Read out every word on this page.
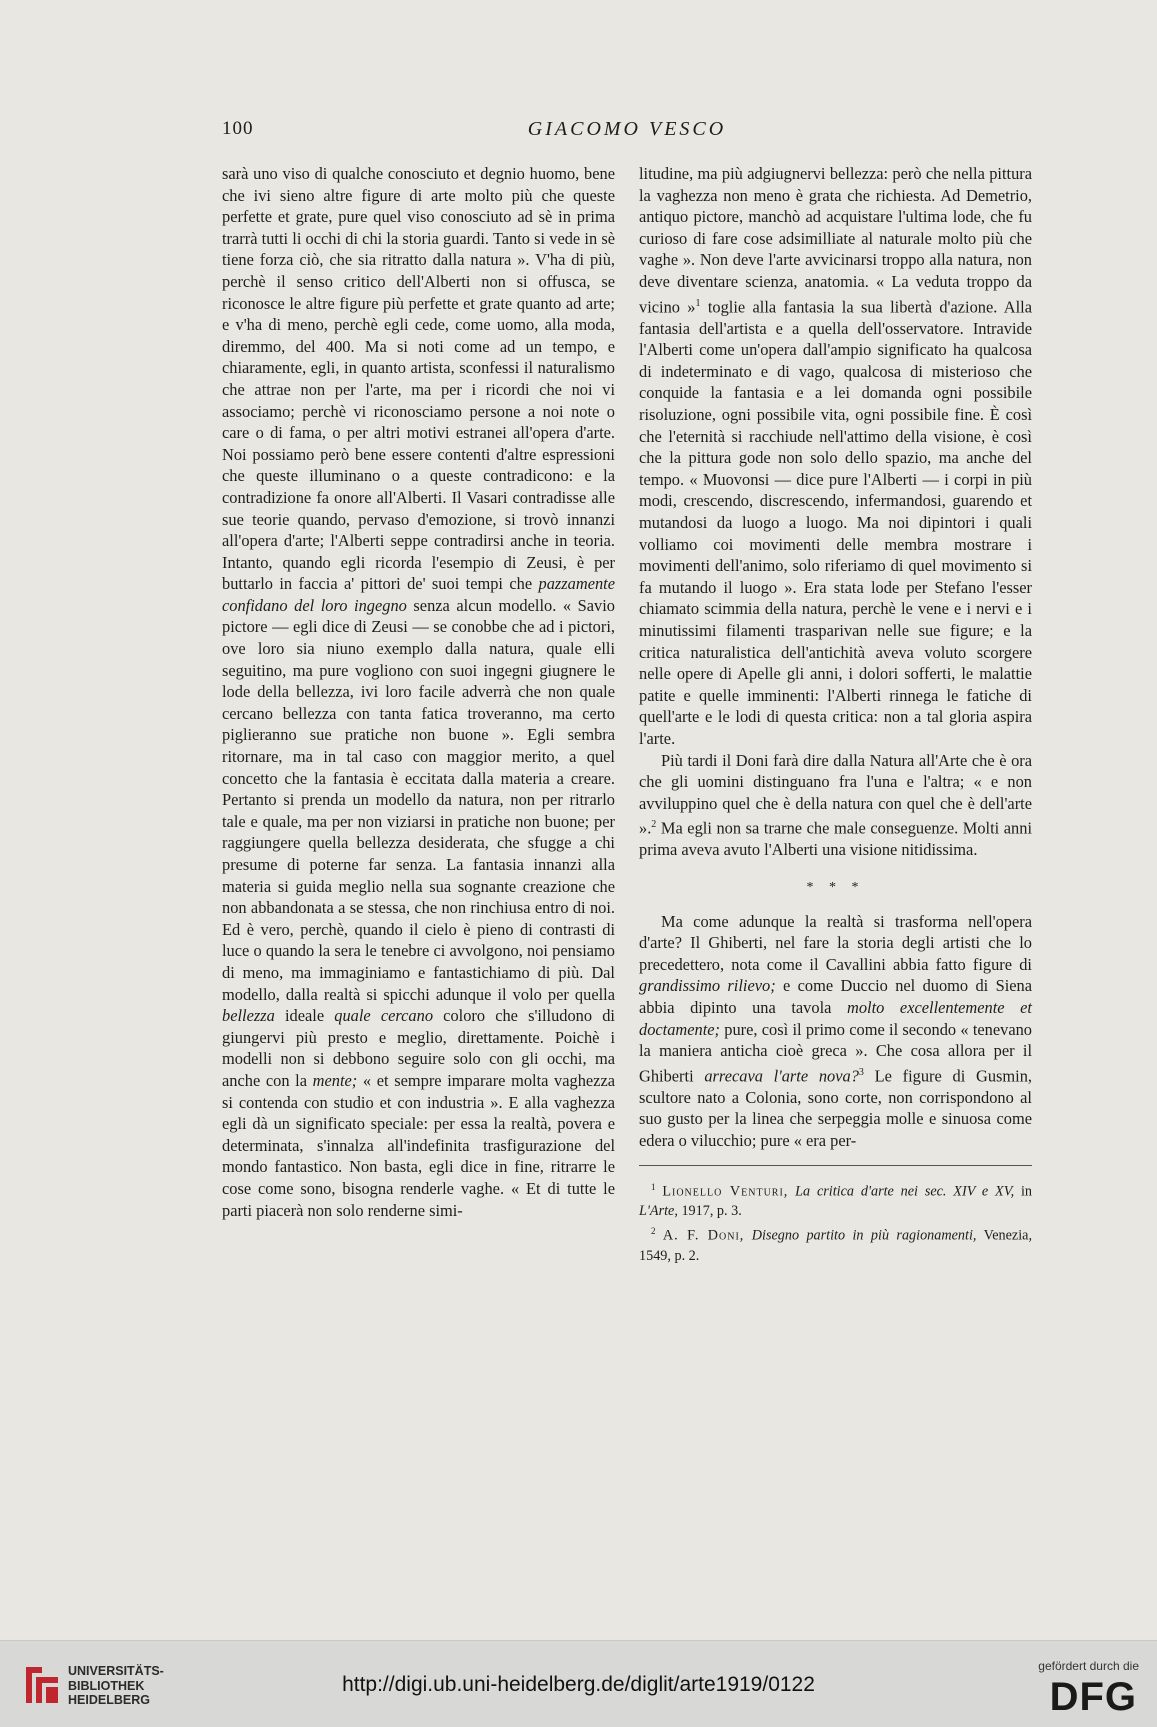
100	GIACOMO VESCO

sarà uno viso di qualche conosciuto et degnio huomo, bene che ivi sieno altre figure di arte molto più che queste perfette et grate, pure quel viso conosciuto ad sè in prima trarrà tutti li occhi di chi la storia guardi. Tanto si vede in sè tiene forza ciò, che sia ritratto dalla natura ». V'ha di più, perchè il senso critico dell'Alberti non si offusca, se riconosce le altre figure più perfette et grate quanto ad arte; e v'ha di meno, perchè egli cede, come uomo, alla moda, diremmo, del 400. Ma si noti come ad un tempo, e chiaramente, egli, in quanto artista, sconfessi il naturalismo che attrae non per l'arte, ma per i ricordi che noi vi associamo; perchè vi riconosciamo persone a noi note o care o di fama, o per altri motivi estranei all'opera d'arte. Noi possiamo però bene essere contenti d'altre espressioni che queste illuminano o a queste contradicono: e la contradizione fa onore all'Alberti. Il Vasari contradisse alle sue teorie quando, pervaso d'emozione, si trovò innanzi all'opera d'arte; l'Alberti seppe contradirsi anche in teoria. Intanto, quando egli ricorda l'esempio di Zeusi, è per buttarlo in faccia a' pittori de' suoi tempi che pazzamente confidano del loro ingegno senza alcun modello. « Savio pictore — egli dice di Zeusi — se conobbe che ad i pictori, ove loro sia niuno exemplo dalla natura, quale elli seguitino, ma pure vogliono con suoi ingegni giugnere le lode della bellezza, ivi loro facile adverrà che non quale cercano bellezza con tanta fatica troveranno, ma certo piglieranno sue pratiche non buone ». Egli sembra ritornare, ma in tal caso con maggior merito, a quel concetto che la fantasia è eccitata dalla materia a creare. Pertanto si prenda un modello da natura, non per ritrarlo tale e quale, ma per non viziarsi in pratiche non buone; per raggiungere quella bellezza desiderata, che sfugge a chi presume di poterne far senza. La fantasia innanzi alla materia si guida meglio nella sua sognante creazione che non abbandonata a se stessa, che non rinchiusa entro di noi. Ed è vero, perchè, quando il cielo è pieno di contrasti di luce o quando la sera le tenebre ci avvolgono, noi pensiamo di meno, ma immaginiamo e fantastichiamo di più. Dal modello, dalla realtà si spicchi adunque il volo per quella bellezza ideale quale cercano coloro che s'illudono di giungervi più presto e meglio, direttamente. Poichè i modelli non si debbono seguire solo con gli occhi, ma anche con la mente; « et sempre imparare molta vaghezza si contenda con studio et con industria ». E alla vaghezza egli dà un significato speciale: per essa la realtà, povera e determinata, s'innalza all'indefinita trasfigurazione del mondo fantastico. Non basta, egli dice in fine, ritrarre le cose come sono, bisogna renderle vaghe. « Et di tutte le parti piacerà non solo renderne simi-

litudine, ma più adgiugnervi bellezza: però che nella pittura la vaghezza non meno è grata che richiesta. Ad Demetrio, antiquo pictore, manchò ad acquistare l'ultima lode, che fu curioso di fare cose adsimilliate al naturale molto più che vaghe ». Non deve l'arte avvicinarsi troppo alla natura, non deve diventare scienza, anatomia. « La veduta troppo da vicino »$^1$ toglie alla fantasia la sua libertà d'azione. Alla fantasia dell'artista e a quella dell'osservatore. Intravide l'Alberti come un'opera dall'ampio significato ha qualcosa di indeterminato e di vago, qualcosa di misterioso che conquide la fantasia e a lei domanda ogni possibile risoluzione, ogni possibile vita, ogni possibile fine. È così che l'eternità si racchiude nell'attimo della visione, è così che la pittura gode non solo dello spazio, ma anche del tempo. « Muovonsi — dice pure l'Alberti — i corpi in più modi, crescendo, discrescendo, infermandosi, guarendo et mutandosi da luogo a luogo. Ma noi dipintori i quali volliamo coi movimenti delle membra mostrare i movimenti dell'animo, solo riferiamo di quel movimento si fa mutando il luogo ». Era stata lode per Stefano l'esser chiamato scimmia della natura, perchè le vene e i nervi e i minutissimi filamenti trasparivan nelle sue figure; e la critica naturalistica dell'antichità aveva voluto scorgere nelle opere di Apelle gli anni, i dolori sofferti, le malattie patite e quelle imminenti: l'Alberti rinnega le fatiche di quell'arte e le lodi di questa critica: non a tal gloria aspira l'arte.

Più tardi il Doni farà dire dalla Natura all'Arte che è ora che gli uomini distinguano fra l'una e l'altra; « e non avviluppino quel che è della natura con quel che è dell'arte ».$^2$ Ma egli non sa trarne che male conseguenze. Molti anni prima aveva avuto l'Alberti una visione nitidissima.

* * *

Ma come adunque la realtà si trasforma nell'opera d'arte? Il Ghiberti, nel fare la storia degli artisti che lo precedettero, nota come il Cavallini abbia fatto figure di grandissimo rilievo; e come Duccio nel duomo di Siena abbia dipinto una tavola molto excellentemente et doctamente; pure, così il primo come il secondo « tenevano la maniera anticha cioè greca ». Che cosa allora per il Ghiberti arrecava l'arte nova?$^3$ Le figure di Gusmin, scultore nato a Colonia, sono corte, non corrispondono al suo gusto per la linea che serpeggia molle e sinuosa come edera o vilucchio; pure « era per-

$^1$ Lionello Venturi, La critica d'arte nei sec. XIV e XV, in L'Arte, 1917, p. 3.

$^2$ A. F. Doni, Disegno partito in più ragionamenti, Venezia, 1549, p. 2.

UNIVERSITÄTS-
BIBLIOTHEK
HEIDELBERG
http://digi.ub.uni-heidelberg.de/diglit/arte1919/0122
gefördert durch die
DFG
